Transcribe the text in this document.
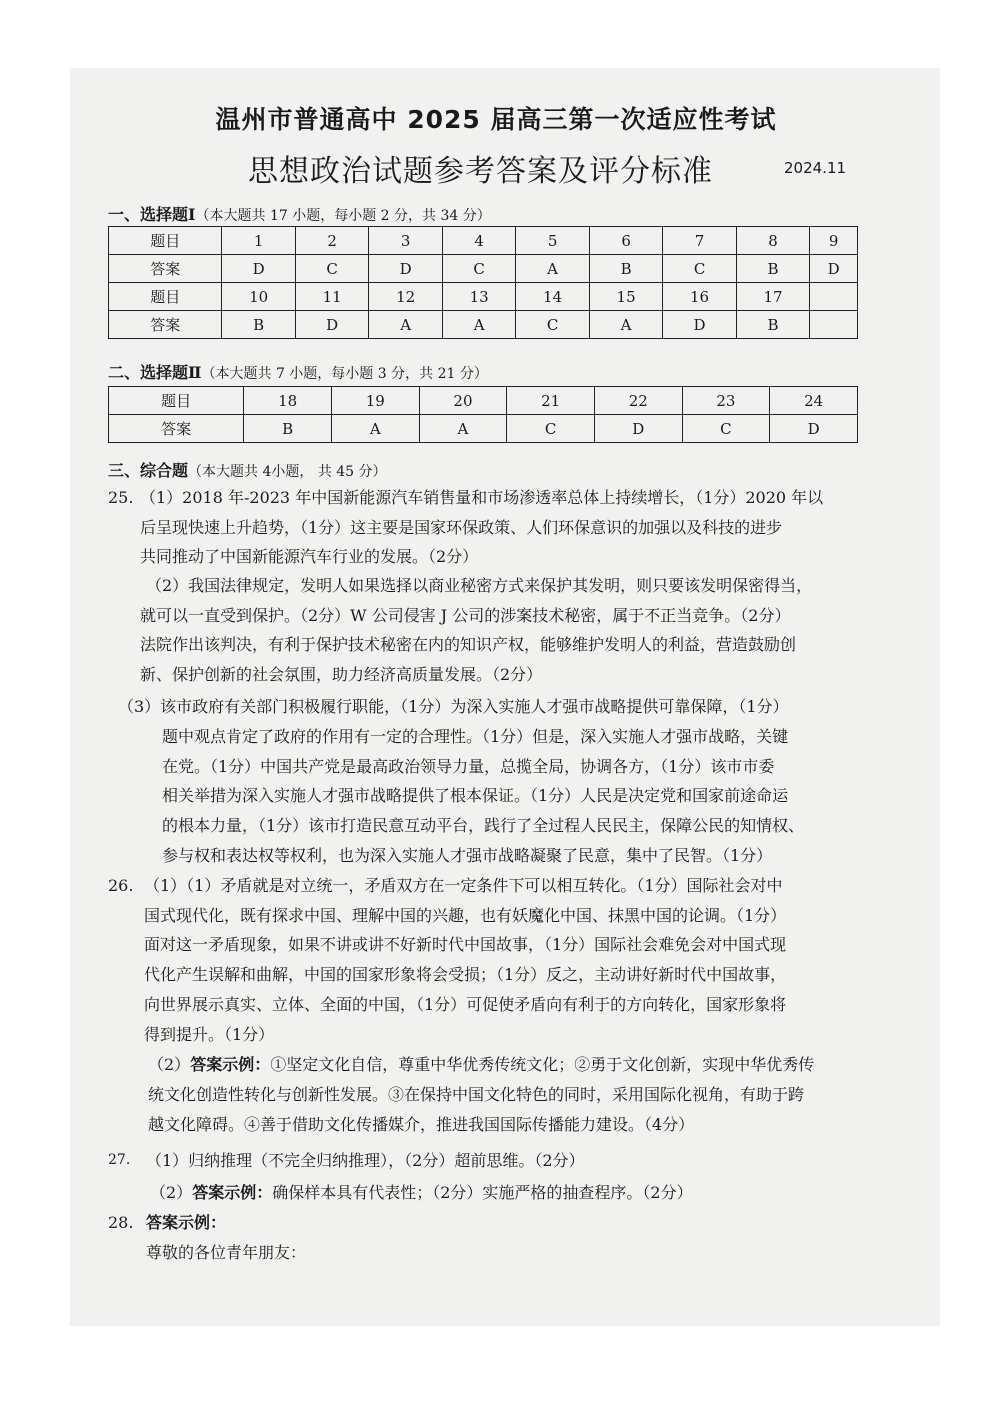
温州市普通高中 2025 届高三第一次适应性考试
思想政治试题参考答案及评分标准	2024.11
一、选择题Ⅰ（本大题共 17 小题，每小题 2 分，共 34 分）
题目	1	2	3	4	5	6	7	8	9
答案	D	C	D	C	A	B	C	B	D
题目	10	11	12	13	14	15	16	17	
答案	B	D	A	A	C	A	D	B	
二、选择题Ⅱ（本大题共 7 小题，每小题 3 分，共 21 分）
题目	18	19	20	21	22	23	24
答案	B	A	A	C	D	C	D
三、综合题（本大题共 4小题， 共 45 分）
25. （1）2018 年-2023 年中国新能源汽车销售量和市场渗透率总体上持续增长，（1分）2020 年以
后呈现快速上升趋势，（1分）这主要是国家环保政策、人们环保意识的加强以及科技的进步
共同推动了中国新能源汽车行业的发展。（2分）
（2）我国法律规定，发明人如果选择以商业秘密方式来保护其发明，则只要该发明保密得当，
就可以一直受到保护。（2分）W 公司侵害 J 公司的涉案技术秘密，属于不正当竞争。（2分）
法院作出该判决，有利于保护技术秘密在内的知识产权，能够维护发明人的利益，营造鼓励创
新、保护创新的社会氛围，助力经济高质量发展。（2分）
（3）该市政府有关部门积极履行职能，（1分）为深入实施人才强市战略提供可靠保障，（1分）
题中观点肯定了政府的作用有一定的合理性。（1分）但是，深入实施人才强市战略，关键
在党。（1分）中国共产党是最高政治领导力量，总揽全局，协调各方，（1分）该市市委
相关举措为深入实施人才强市战略提供了根本保证。（1分）人民是决定党和国家前途命运
的根本力量，（1分）该市打造民意互动平台，践行了全过程人民民主，保障公民的知情权、
参与权和表达权等权利，也为深入实施人才强市战略凝聚了民意，集中了民智。（1分）
26. （1）（1）矛盾就是对立统一，矛盾双方在一定条件下可以相互转化。（1分）国际社会对中
国式现代化，既有探求中国、理解中国的兴趣，也有妖魔化中国、抹黑中国的论调。（1分）
面对这一矛盾现象，如果不讲或讲不好新时代中国故事，（1分）国际社会难免会对中国式现
代化产生误解和曲解，中国的国家形象将会受损；（1分）反之，主动讲好新时代中国故事，
向世界展示真实、立体、全面的中国，（1分）可促使矛盾向有利于的方向转化，国家形象将
得到提升。（1分）
（2）答案示例：①坚定文化自信，尊重中华优秀传统文化；②勇于文化创新，实现中华优秀传
统文化创造性转化与创新性发展。③在保持中国文化特色的同时，采用国际化视角，有助于跨
越文化障碍。④善于借助文化传播媒介，推进我国国际传播能力建设。（4分）
27. （1）归纳推理（不完全归纳推理），（2分）超前思维。（2分）
（2）答案示例：确保样本具有代表性；（2分）实施严格的抽查程序。（2分）
28. 答案示例：
尊敬的各位青年朋友：
